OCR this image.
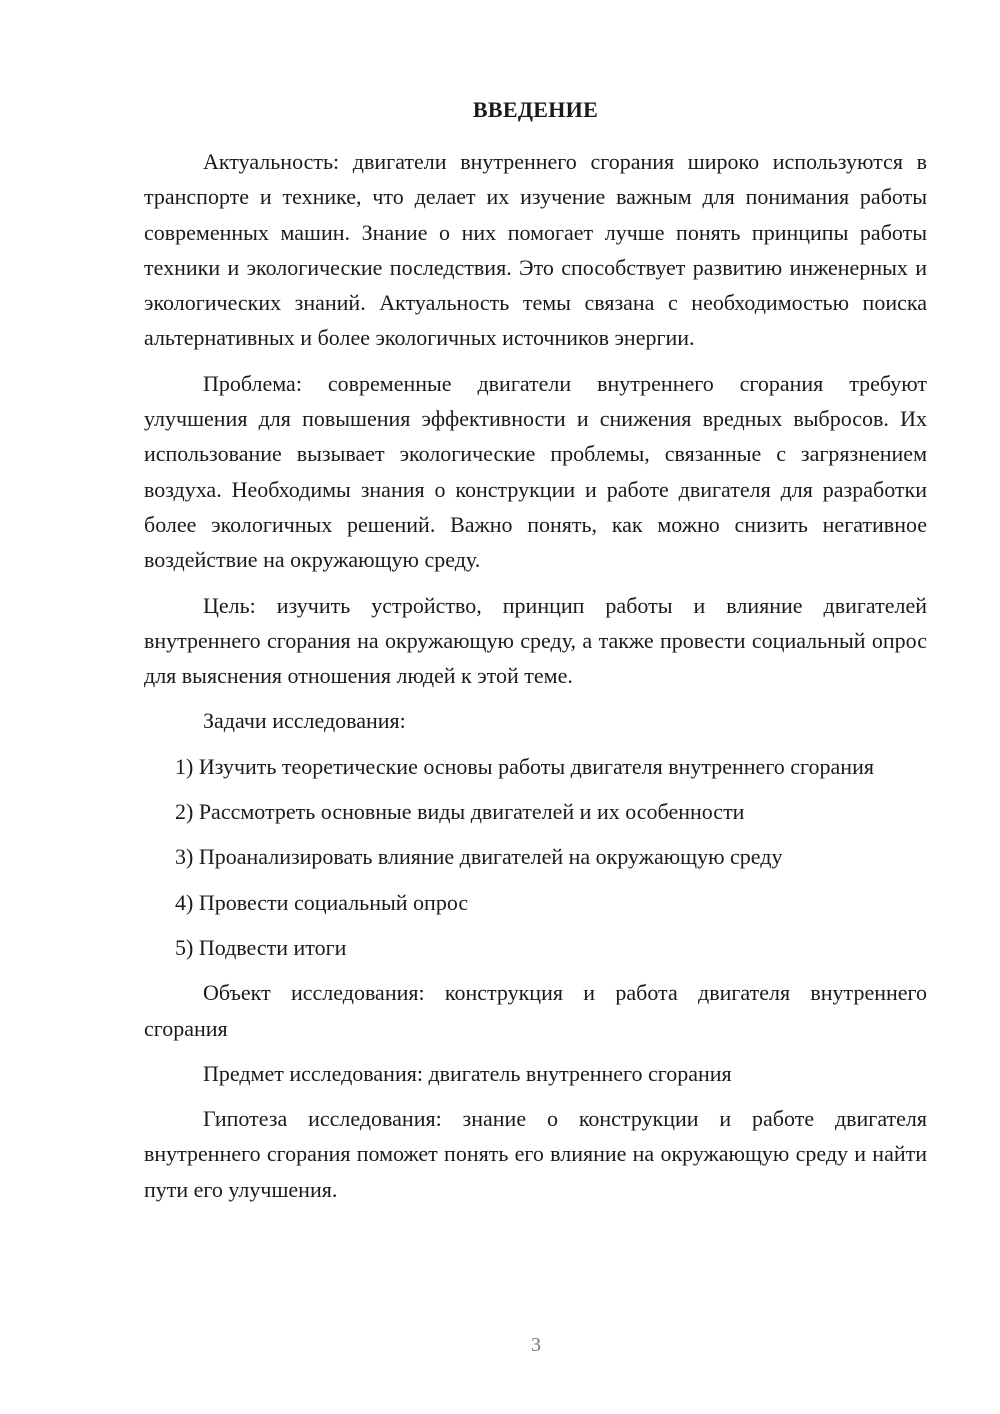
ВВЕДЕНИЕ

Актуальность: двигатели внутреннего сгорания широко используются в транспорте и технике, что делает их изучение важным для понимания работы современных машин. Знание о них помогает лучше понять принципы работы техники и экологические последствия. Это способствует развитию инженерных и экологических знаний. Актуальность темы связана с необходимостью поиска альтернативных и более экологичных источников энергии.

Проблема: современные двигатели внутреннего сгорания требуют улучшения для повышения эффективности и снижения вредных выбросов. Их использование вызывает экологические проблемы, связанные с загрязнением воздуха. Необходимы знания о конструкции и работе двигателя для разработки более экологичных решений. Важно понять, как можно снизить негативное воздействие на окружающую среду.

Цель: изучить устройство, принцип работы и влияние двигателей внутреннего сгорания на окружающую среду, а также провести социальный опрос для выяснения отношения людей к этой теме.

Задачи исследования:

1) Изучить теоретические основы работы двигателя внутреннего сгорания

2) Рассмотреть основные виды двигателей и их особенности

3) Проанализировать влияние двигателей на окружающую среду

4) Провести социальный опрос

5) Подвести итоги

Объект исследования: конструкция и работа двигателя внутреннего сгорания

Предмет исследования: двигатель внутреннего сгорания

Гипотеза исследования: знание о конструкции и работе двигателя внутреннего сгорания поможет понять его влияние на окружающую среду и найти пути его улучшения.

3
